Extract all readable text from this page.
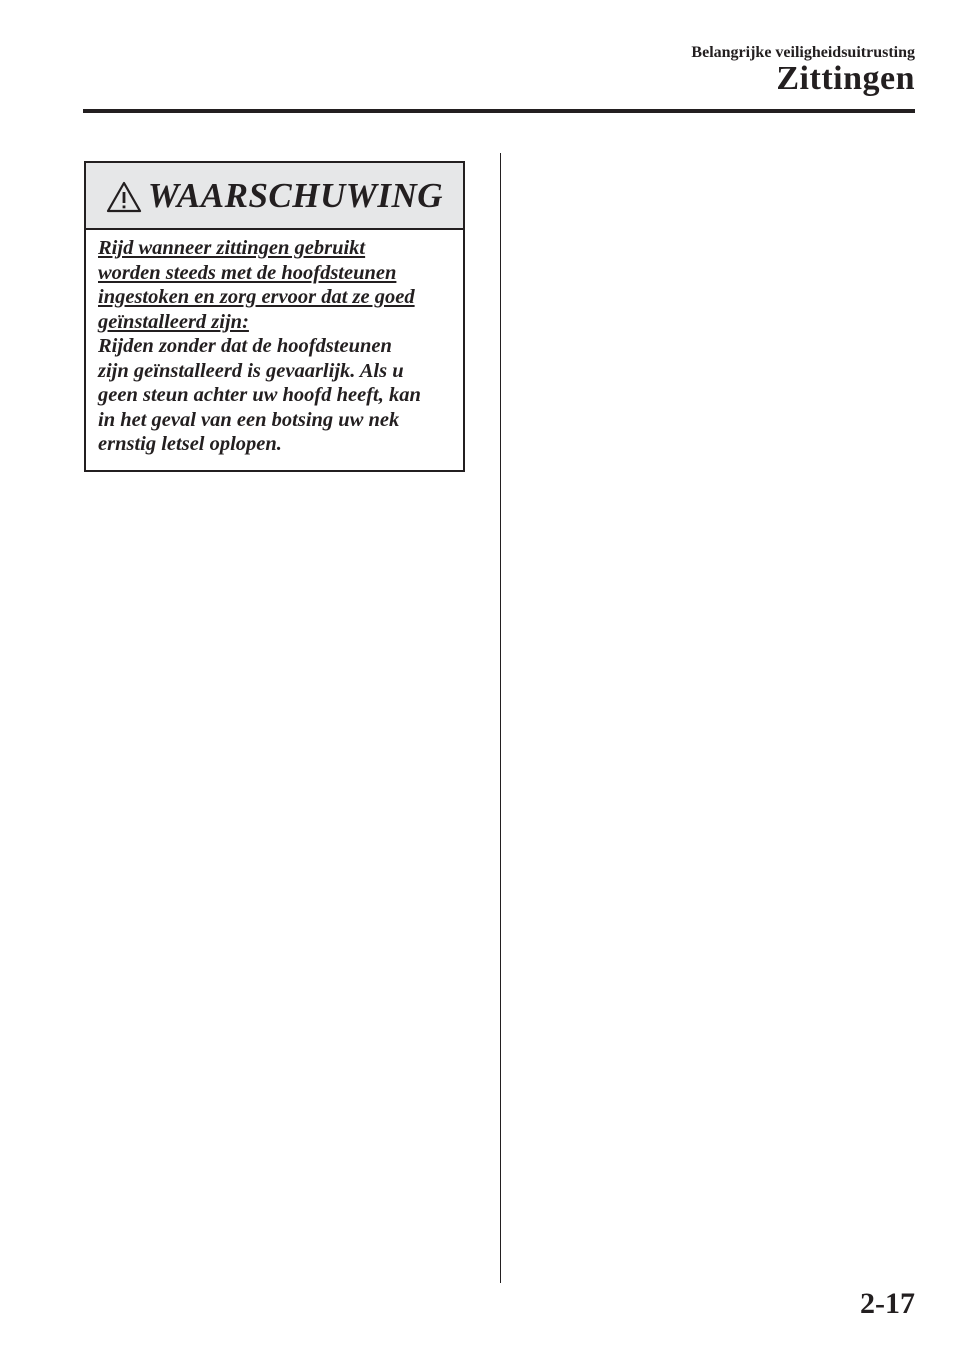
Belangrijke veiligheidsuitrusting
Zittingen
WAARSCHUWING

Rijd wanneer zittingen gebruikt
worden steeds met de hoofdsteunen
ingestoken en zorg ervoor dat ze goed
geïnstalleerd zijn:

Rijden zonder dat de hoofdsteunen
zijn geïnstalleerd is gevaarlijk. Als u
geen steun achter uw hoofd heeft, kan
in het geval van een botsing uw nek
ernstig letsel oplopen.

2-17
